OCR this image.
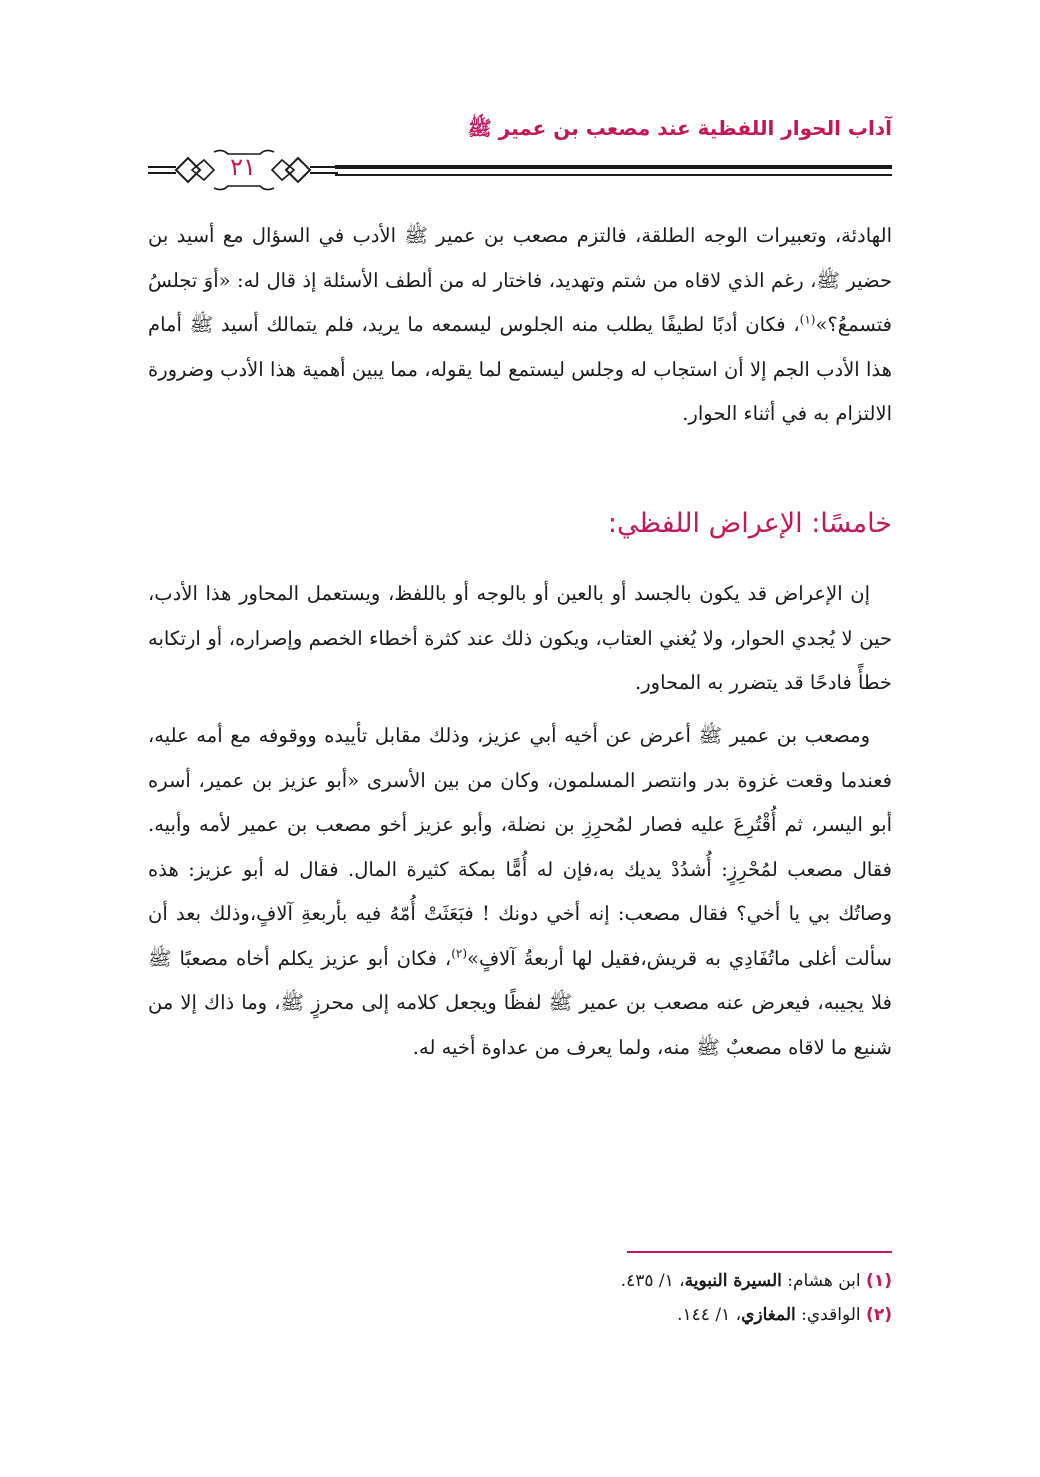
آداب الحوار اللفظية عند مصعب بن عمير ﷺ
٢١

الهادئة، وتعبيرات الوجه الطلقة، فالتزم مصعب بن عمير ﷺ الأدب في السؤال مع أسيد بن حضير ﷺ، رغم الذي لاقاه من شتم وتهديد، فاختار له من ألطف الأسئلة إذ قال له: «أوَ تجلسُ فتسمعُ؟»$^{(١)}$، فكان أدبًا لطيفًا يطلب منه الجلوس ليسمعه ما يريد، فلم يتمالك أسيد ﷺ أمام هذا الأدب الجم إلا أن استجاب له وجلس ليستمع لما يقوله، مما يبين أهمية هذا الأدب وضرورة الالتزام به في أثناء الحوار.

خامسًا: الإعراض اللفظي:

إن الإعراض قد يكون بالجسد أو بالعين أو بالوجه أو باللفظ، ويستعمل المحاور هذا الأدب، حين لا يُجدي الحوار، ولا يُغني العتاب، ويكون ذلك عند كثرة أخطاء الخصم وإصراره، أو ارتكابه خطأً فادحًا قد يتضرر به المحاور.

ومصعب بن عمير ﷺ أعرض عن أخيه أبي عزيز، وذلك مقابل تأييده ووقوفه مع أمه عليه، فعندما وقعت غزوة بدر وانتصر المسلمون، وكان من بين الأسرى «أبو عزيز بن عمير، أسره أبو اليسر، ثم أُقْتُرِعَ عليه فصار لمُحرِزِ بن نضلة، وأبو عزيز أخو مصعب بن عمير لأمه وأبيه. فقال مصعب لمُحْرِزٍ: أُشدُدْ يديك به،فإن له أُمًّا بمكة كثيرة المال. فقال له أبو عزيز: هذه وصاتُك بي يا أخي؟ فقال مصعب: إنه أخي دونك ! فبَعَثَتْ أُمّهُ فيه بأربعةِ آلافٍ،وذلك بعد أن سألت أغلى ماتُفَادِي به قريش،فقيل لها أربعةُ آلافٍ»$^{(٢)}$، فكان أبو عزيز يكلم أخاه مصعبًا ﷺ فلا يجيبه، فيعرض عنه مصعب بن عمير ﷺ لفظًا ويجعل كلامه إلى محرزٍ ﷺ، وما ذاك إلا من شنيع ما لاقاه مصعبٌ ﷺ منه، ولما يعرف من عداوة أخيه له.

(١) ابن هشام: السيرة النبوية، ١/ ٤٣٥.

(٢) الواقدي: المغازي، ١/ ١٤٤.
